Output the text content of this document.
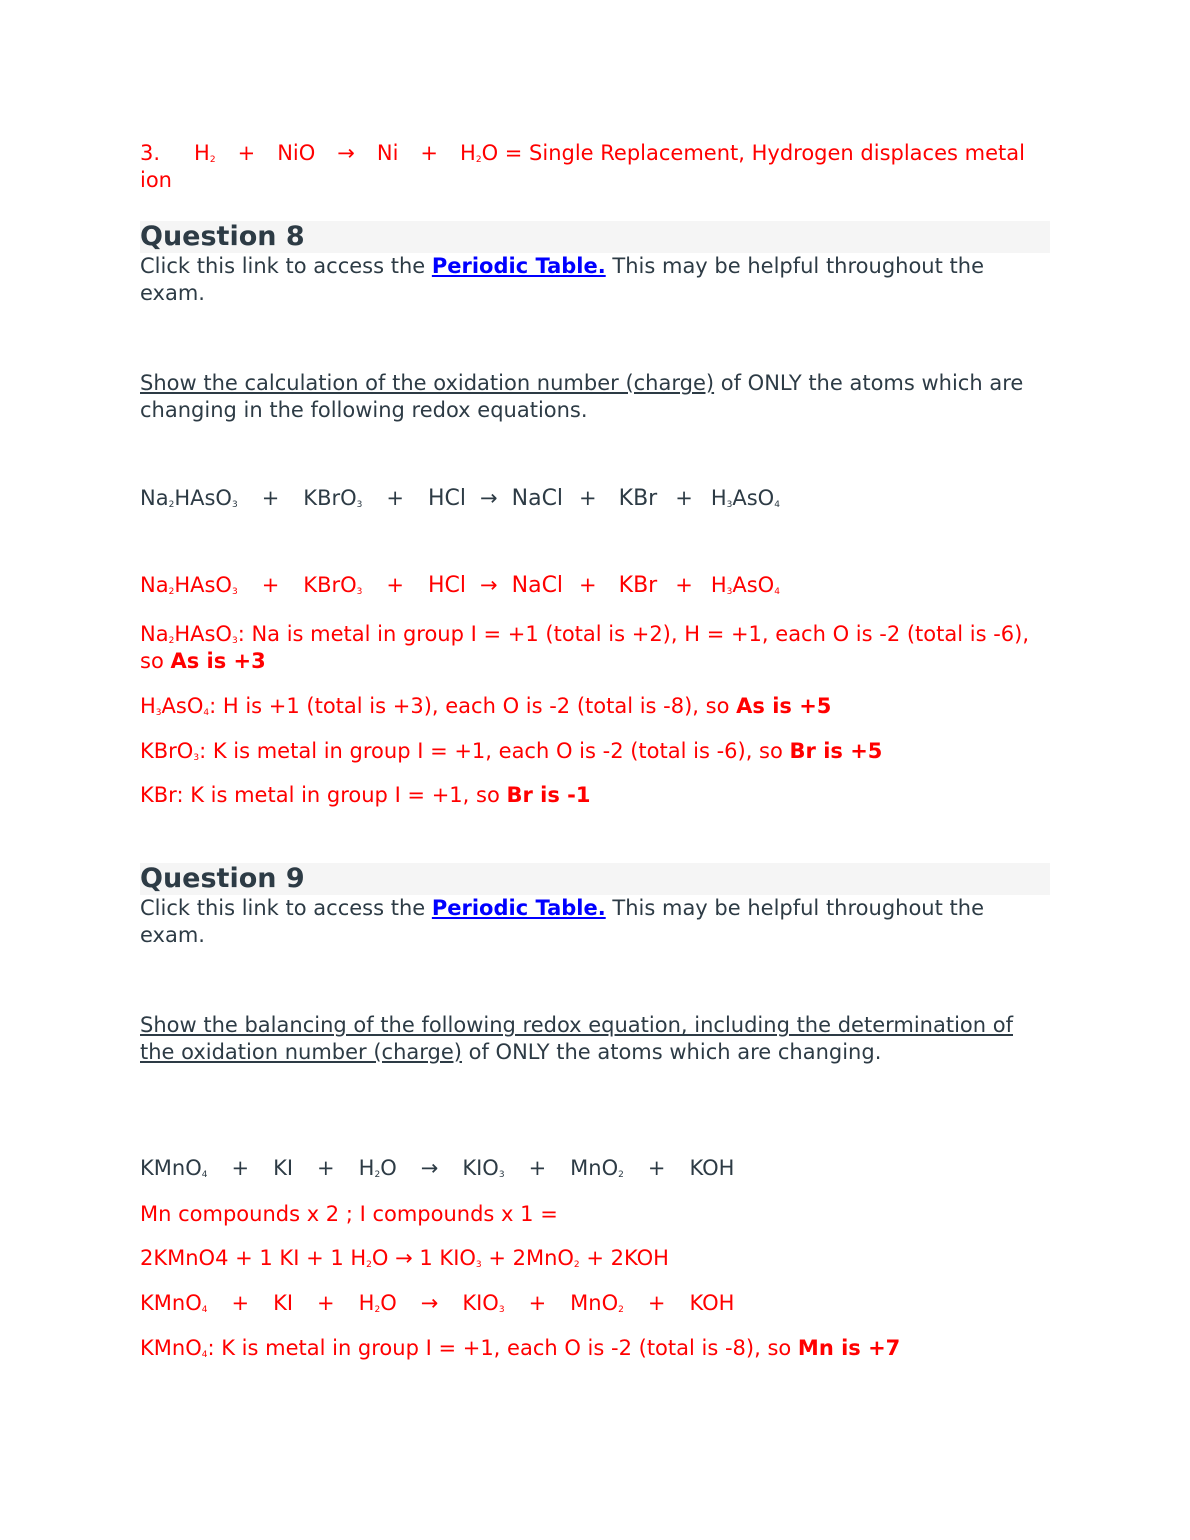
3. $H_2$ + NiO → $Ni + H_2O$ = Single Replacement, Hydrogen displaces metal ion
Question 8
Click this link to access the Periodic Table. This may be helpful throughout the exam.
Show the calculation of the oxidation number (charge) of ONLY the atoms which are changing in the following redox equations.
$Na_2HAsO_3$ + KBrO$_3$ + HCl → NaCl + KBr + $H_3AsO_4$
$Na_2HAsO_3$ + KBrO$_3$ + HCl → NaCl + KBr + $H_3AsO_4$
$Na_2HAsO_3$: Na is metal in group I = +1 (total is +2), H = +1, each O is -2 (total is -6), so As is +3
$H_3AsO_4$: H is +1 (total is +3), each O is -2 (total is -8), so As is +5
KBrO$_3$: K is metal in group I = +1, each O is -2 (total is -6), so Br is +5
KBr: K is metal in group I = +1, so Br is -1
Question 9
Click this link to access the Periodic Table. This may be helpful throughout the exam.
Show the balancing of the following redox equation, including the determination of the oxidation number (charge) of ONLY the atoms which are changing.
KMnO$_4$ + KI + $H_2O \to KIO_3 + MnO_2$ + KOH
Mn compounds x 2 ; I compounds x 1 =
2KMnO4 + 1 KI + 1 $H_2O \to 1$ $KIO_3 + 2MnO_2 + 2KOH$
KMnO$_4$ + KI + $H_2O \to KIO_3 + MnO_2$ + KOH
KMnO$_4$: K is metal in group I = +1, each O is -2 (total is -8), so Mn is +7
